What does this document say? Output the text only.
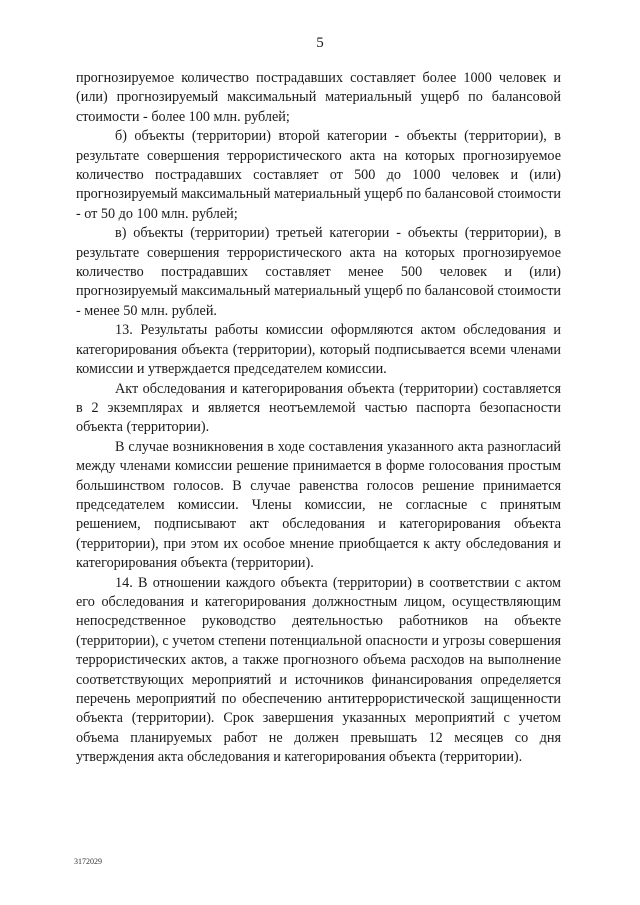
5

прогнозируемое количество пострадавших составляет более 1000 человек и (или) прогнозируемый максимальный материальный ущерб по балансовой стоимости - более 100 млн. рублей;

б) объекты (территории) второй категории - объекты (территории), в результате совершения террористического акта на которых прогнозируемое количество пострадавших составляет от 500 до 1000 человек и (или) прогнозируемый максимальный материальный ущерб по балансовой стоимости - от 50 до 100 млн. рублей;

в) объекты (территории) третьей категории - объекты (территории), в результате совершения террористического акта на которых прогнозируемое количество пострадавших составляет менее 500 человек и (или) прогнозируемый максимальный материальный ущерб по балансовой стоимости - менее 50 млн. рублей.

13. Результаты работы комиссии оформляются актом обследования и категорирования объекта (территории), который подписывается всеми членами комиссии и утверждается председателем комиссии.

Акт обследования и категорирования объекта (территории) составляется в 2 экземплярах и является неотъемлемой частью паспорта безопасности объекта (территории).

В случае возникновения в ходе составления указанного акта разногласий между членами комиссии решение принимается в форме голосования простым большинством голосов. В случае равенства голосов решение принимается председателем комиссии. Члены комиссии, не согласные с принятым решением, подписывают акт обследования и категорирования объекта (территории), при этом их особое мнение приобщается к акту обследования и категорирования объекта (территории).

14. В отношении каждого объекта (территории) в соответствии с актом его обследования и категорирования должностным лицом, осуществляющим непосредственное руководство деятельностью работников на объекте (территории), с учетом степени потенциальной опасности и угрозы совершения террористических актов, а также прогнозного объема расходов на выполнение соответствующих мероприятий и источников финансирования определяется перечень мероприятий по обеспечению антитеррористической защищенности объекта (территории). Срок завершения указанных мероприятий с учетом объема планируемых работ не должен превышать 12 месяцев со дня утверждения акта обследования и категорирования объекта (территории).

3172029
